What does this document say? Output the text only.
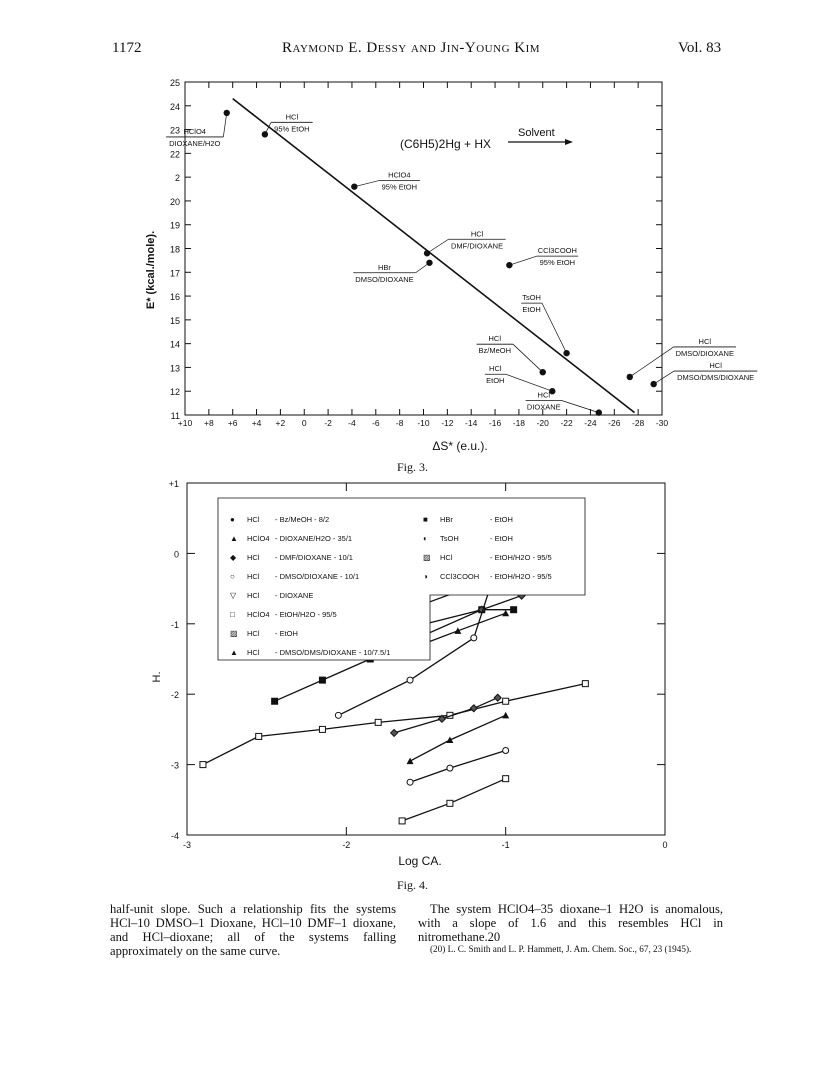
1172	Raymond E. Dessy and Jin-Young Kim	Vol. 83
25
24
23
22
2
20
19
18
17
16
15
14
13
12
11
+10 +8 +6 +4 +2 0 -2 -4 -6 -8 -10 -12 -14 -16 -18 -20 -22 -24 -26 -28 -30
HClO4
DIOXANE/H2O
HCl
95% EtOH
HClO4
95% EtOH
HCl
DMF/DIOXANE
HBr
DMSO/DIOXANE
CCl3COOH
95% EtOH
TsOH
EtOH
HCl
DMSO/DIOXANE
HCl
DMSO/DMS/DIOXANE
HCl
Bz/MeOH
HCl
EtOH
HCl
DIOXANE
E* (kcal./mole).
ΔS* (e.u.).
(C6H5)2Hg + HX
Solvent
Fig. 3.
+1
0
-1
-2
-3
-4
-3	-2	-1	0
● HCl - Bz/MeOH - 8/2
▲ HClO4 - DIOXANE/H2O - 35/1
◆ HCl - DMF/DIOXANE - 10/1
○ HCl - DMSO/DIOXANE - 10/1
▽ HCl - DIOXANE
□ HClO4 - EtOH/H2O - 95/5
▨ HCl - EtOH
▲ HCl - DMSO/DMS/DIOXANE - 10/7.5/1
■ HBr	- EtOH
◐ TsOH	- EtOH
▨ HCl	- EtOH/H2O - 95/5
◑ CCl3COOH - EtOH/H2O - 95/5
H.
Log CA.
Fig. 4.
half-unit slope. Such a relationship fits the systems HCl–10 DMSO–1 Dioxane, HCl–10 DMF–1 dioxane, and HCl–dioxane; all of the systems falling approximately on the same curve.
The system HClO4–35 dioxane–1 H2O is anomalous, with a slope of 1.6 and this resembles HCl in nitromethane.20
(20) L. C. Smith and L. P. Hammett, J. Am. Chem. Soc., 67, 23 (1945).
